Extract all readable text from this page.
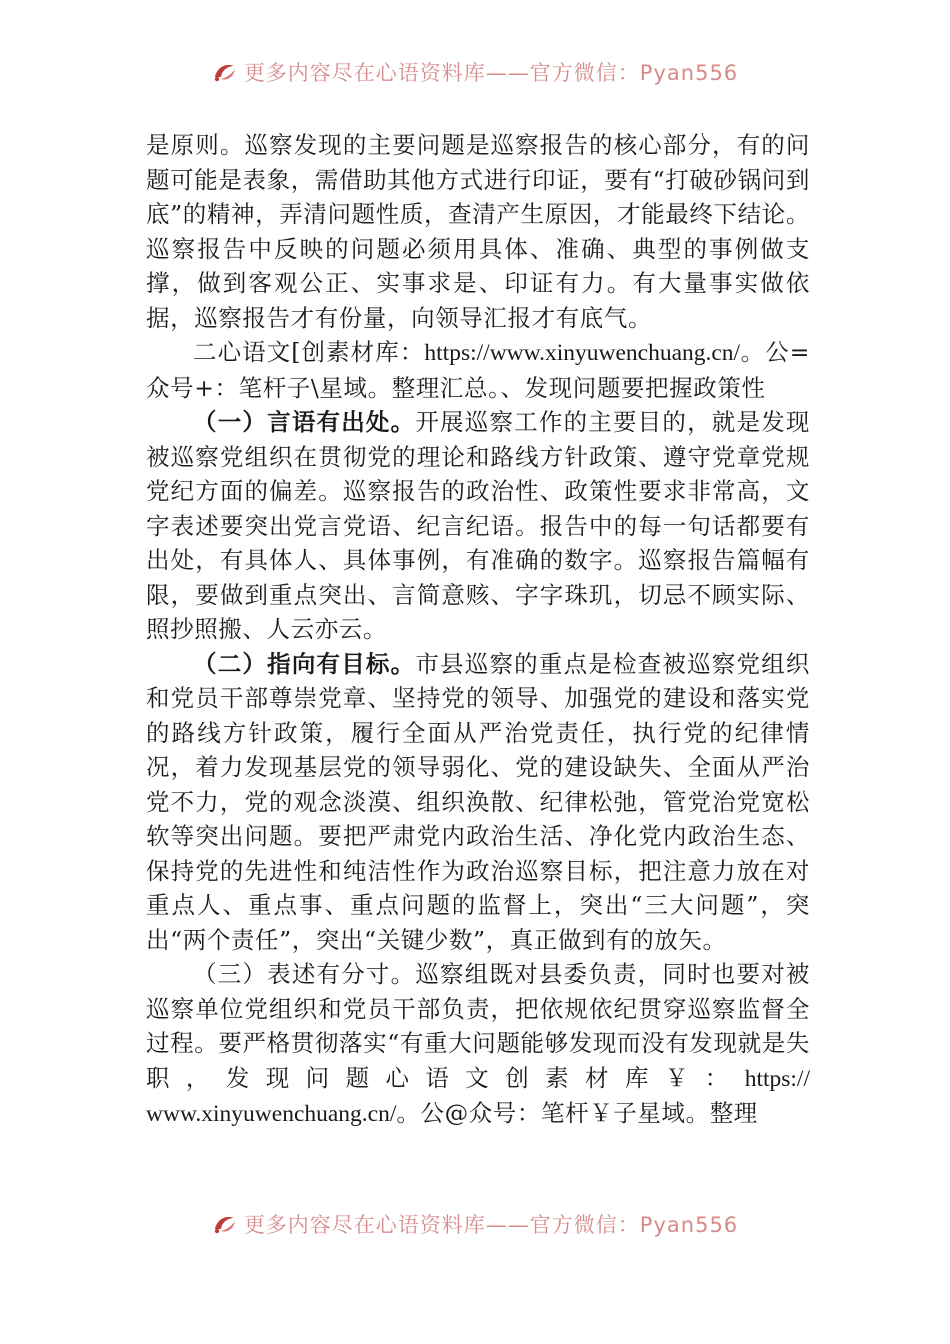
更多内容尽在心语资料库——官方微信：Pyan556

是原则。巡察发现的主要问题是巡察报告的核心部分，有的问题可能是表象，需借助其他方式进行印证，要有“打破砂锅问到底”的精神，弄清问题性质，查清产生原因，才能最终下结论。巡察报告中反映的问题必须用具体、准确、典型的事例做支撑，做到客观公正、实事求是、印证有力。有大量事实做依据，巡察报告才有份量，向领导汇报才有底气。

二心语文[创素材库：https://www.xinyuwenchuang.cn/。公=众号+：笔杆子\星域。整理汇总。、发现问题要把握政策性

（一）言语有出处。开展巡察工作的主要目的，就是发现被巡察党组织在贯彻党的理论和路线方针政策、遵守党章党规党纪方面的偏差。巡察报告的政治性、政策性要求非常高，文字表述要突出党言党语、纪言纪语。报告中的每一句话都要有出处，有具体人、具体事例，有准确的数字。巡察报告篇幅有限，要做到重点突出、言简意赅、字字珠玑，切忌不顾实际、照抄照搬、人云亦云。

（二）指向有目标。市县巡察的重点是检查被巡察党组织和党员干部尊崇党章、坚持党的领导、加强党的建设和落实党的路线方针政策，履行全面从严治党责任，执行党的纪律情况，着力发现基层党的领导弱化、党的建设缺失、全面从严治党不力，党的观念淡漠、组织涣散、纪律松弛，管党治党宽松软等突出问题。要把严肃党内政治生活、净化党内政治生态、保持党的先进性和纯洁性作为政治巡察目标，把注意力放在对重点人、重点事、重点问题的监督上，突出“三大问题”，突出“两个责任”，突出“关键少数”，真正做到有的放矢。

（三）表述有分寸。巡察组既对县委负责，同时也要对被巡察单位党组织和党员干部负责，把依规依纪贯穿巡察监督全过程。要严格贯彻落实“有重大问题能够发现而没有发现就是失职，发现问题心语文创素材库￥：https:// www.xinyuwenchuang.cn/。公@众号：笔杆￥子星域。整理

更多内容尽在心语资料库——官方微信：Pyan556
